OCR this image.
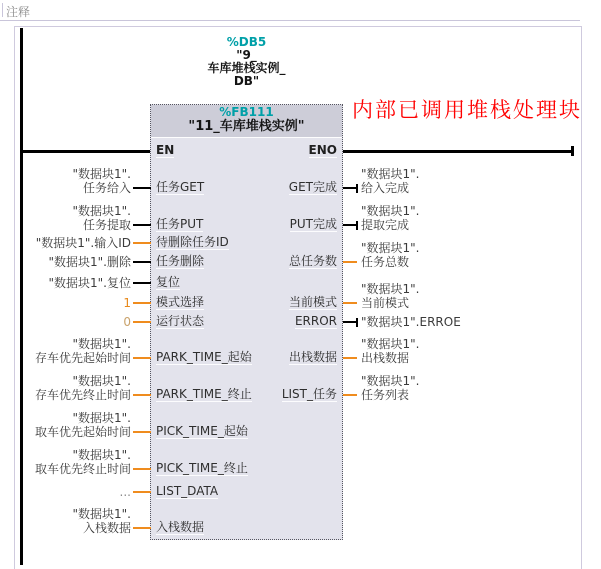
注释
%DB5
"9_
车库堆栈实例_
DB"
内部已调用堆栈处理块
%FB111
"11_车库堆栈实例"
EN	ENO
"数据块1".
任务给入 任务GET
"数据块1".
任务提取 任务PUT
"数据块1".输入ID 待删除任务ID
"数据块1".删除 任务删除
"数据块1".复位 复位
1 模式选择
0 运行状态
"数据块1".
存车优先起始时间 PARK_TIME_起始
"数据块1".
存车优先终止时间 PARK_TIME_终止
"数据块1".
取车优先起始时间 PICK_TIME_起始
"数据块1".
取车优先终止时间 PICK_TIME_终止
... LIST_DATA
"数据块1".
入栈数据 入栈数据
"数据块1".
给入完成
GET完成
"数据块1".
提取完成
PUT完成
"数据块1".
任务总数
总任务数
"数据块1".
当前模式
当前模式
"数据块1".ERROE
ERROR
"数据块1".
出栈数据
出栈数据
"数据块1".
任务列表
LIST_任务
